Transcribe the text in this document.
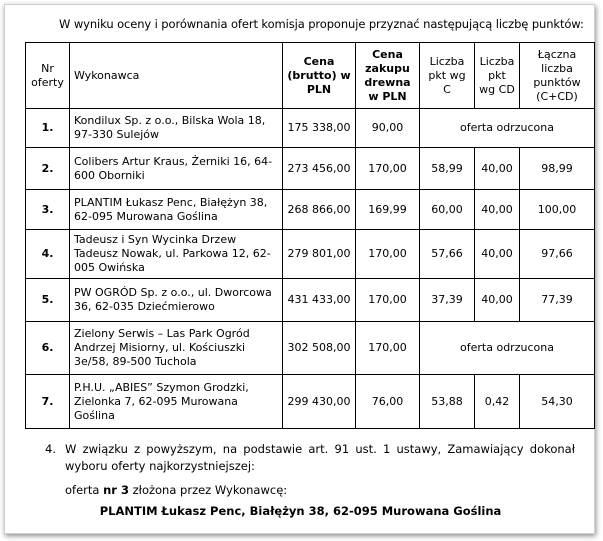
W wyniku oceny i porównania ofert komisja proponuje przyznać następującą liczbę punktów:
Nr oferty	Wykonawca	Cena (brutto) w PLN	Cena zakupu drewna w PLN	Liczba pkt wg C	Liczba pkt wg CD	Łączna liczba punktów (C+CD)
1.	Kondilux Sp. z o.o., Bilska Wola 18, 97-330 Sulejów	175 338,00	90,00	oferta odrzucona		
2.	Colibers Artur Kraus, Żerniki 16, 64-600 Oborniki	273 456,00	170,00	58,99	40,00	98,99
3.	PLANTIM Łukasz Penc, Białężyn 38, 62-095 Murowana Goślina	268 866,00	169,99	60,00	40,00	100,00
4.	Tadeusz i Syn Wycinka Drzew Tadeusz Nowak, ul. Parkowa 12, 62-005 Owińska	279 801,00	170,00	57,66	40,00	97,66
5.	PW OGRÓD Sp. z o.o., ul. Dworcowa 36, 62-035 Dziećmierowo	431 433,00	170,00	37,39	40,00	77,39
6.	Zielony Serwis – Las Park Ogród Andrzej Misiorny, ul. Kościuszki 3e/58, 89-500 Tuchola	302 508,00	170,00	oferta odrzucona		
7.	P.H.U. „ABIES” Szymon Grodzki, Zielonka 7, 62-095 Murowana Goślina	299 430,00	76,00	53,88	0,42	54,30
4. W związku z powyższym, na podstawie art. 91 ust. 1 ustawy, Zamawiający dokonał wyboru oferty najkorzystniejszej:
oferta nr 3 złożona przez Wykonawcę:
PLANTIM Łukasz Penc, Białężyn 38, 62-095 Murowana Goślina
